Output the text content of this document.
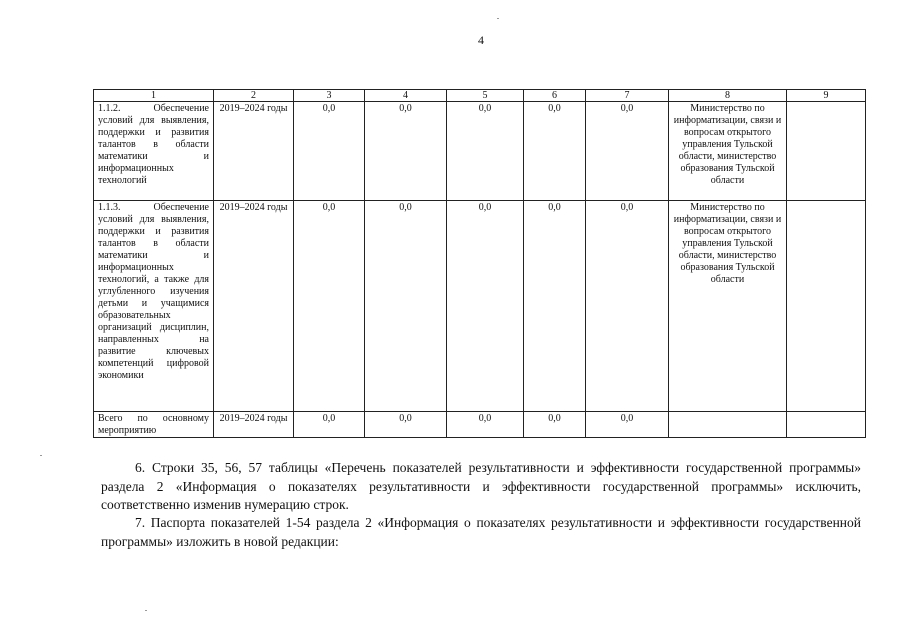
4
1	2	3	4	5	6	7	8	9
1.1.2. Обеспечение условий для выявления, поддержки и развития талантов в области математики и информационных технологий	2019–2024 годы	0,0	0,0	0,0	0,0	0,0	Министерство по информатизации, связи и вопросам открытого управления Тульской области, министерство образования Тульской области	
1.1.3. Обеспечение условий для выявления, поддержки и развития талантов в области математики и информационных технологий, а также для углубленного изучения детьми и учащимися образовательных организаций дисциплин, направленных на развитие ключевых компетенций цифровой экономики	2019–2024 годы	0,0	0,0	0,0	0,0	0,0	Министерство по информатизации, связи и вопросам открытого управления Тульской области, министерство образования Тульской области	
Всего по основному мероприятию	2019–2024 годы	0,0	0,0	0,0	0,0	0,0		

6. Строки 35, 56, 57 таблицы «Перечень показателей результативности и эффективности государственной программы» раздела 2 «Информация о показателях результативности и эффективности государственной программы» исключить, соответственно изменив нумерацию строк.

7. Паспорта показателей 1-54 раздела 2 «Информация о показателях результативности и эффективности государственной программы» изложить в новой редакции:
